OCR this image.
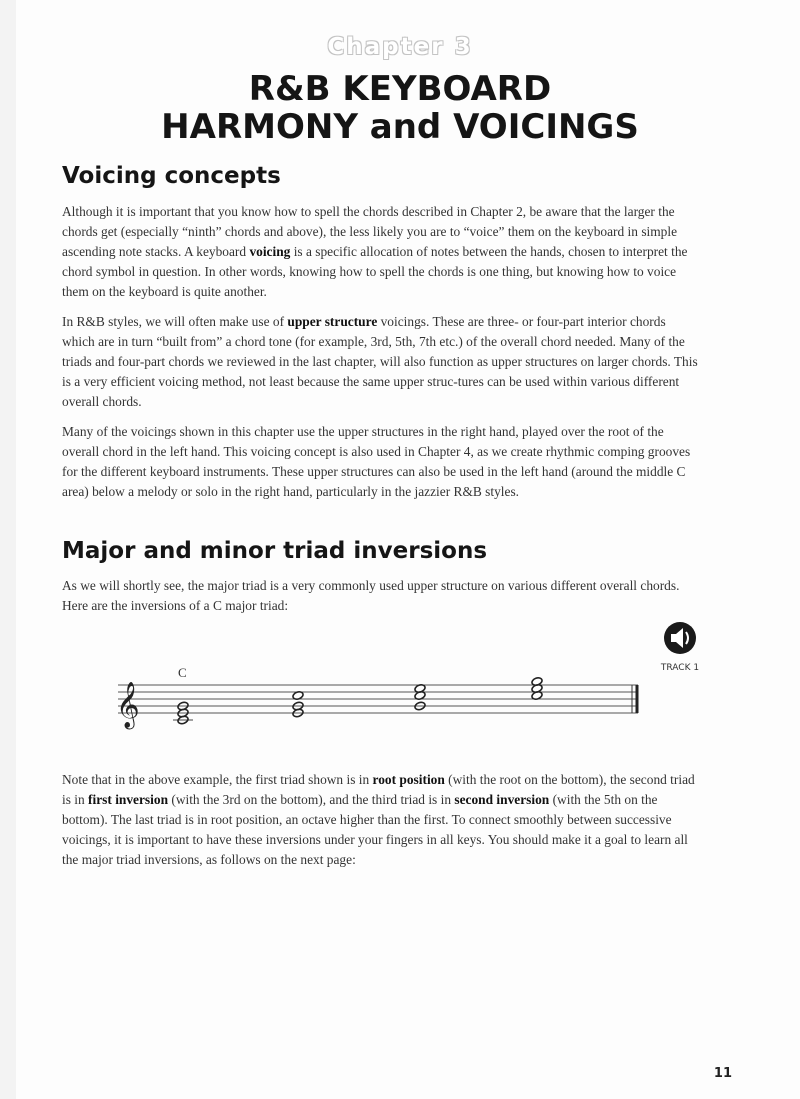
Chapter 3
R&B KEYBOARD
HARMONY and VOICINGS
Voicing concepts

Although it is important that you know how to spell the chords described in Chapter 2, be aware that the larger the chords get (especially “ninth” chords and above), the less likely you are to “voice” them on the keyboard in simple ascending note stacks. A keyboard voicing is a specific allocation of notes between the hands, chosen to interpret the chord symbol in question. In other words, knowing how to spell the chords is one thing, but knowing how to voice them on the keyboard is quite another.

In R&B styles, we will often make use of upper structure voicings. These are three- or four-part interior chords which are in turn “built from” a chord tone (for example, 3rd, 5th, 7th etc.) of the overall chord needed. Many of the triads and four-part chords we reviewed in the last chapter, will also function as upper structures on larger chords. This is a very efficient voicing method, not least because the same upper struc-tures can be used within various different overall chords.

Many of the voicings shown in this chapter use the upper structures in the right hand, played over the root of the overall chord in the left hand. This voicing concept is also used in Chapter 4, as we create rhythmic comping grooves for the different keyboard instruments. These upper structures can also be used in the left hand (around the middle C area) below a melody or solo in the right hand, particularly in the jazzier R&B styles.

Major and minor triad inversions

As we will shortly see, the major triad is a very commonly used upper structure on various different overall chords. Here are the inversions of a C major triad:

TRACK 1
𝄞
C

Note that in the above example, the first triad shown is in root position (with the root on the bottom), the second triad is in first inversion (with the 3rd on the bottom), and the third triad is in second inversion (with the 5th on the bottom). The last triad is in root position, an octave higher than the first. To connect smoothly between successive voicings, it is important to have these inversions under your fingers in all keys. You should make it a goal to learn all the major triad inversions, as follows on the next page:

11
